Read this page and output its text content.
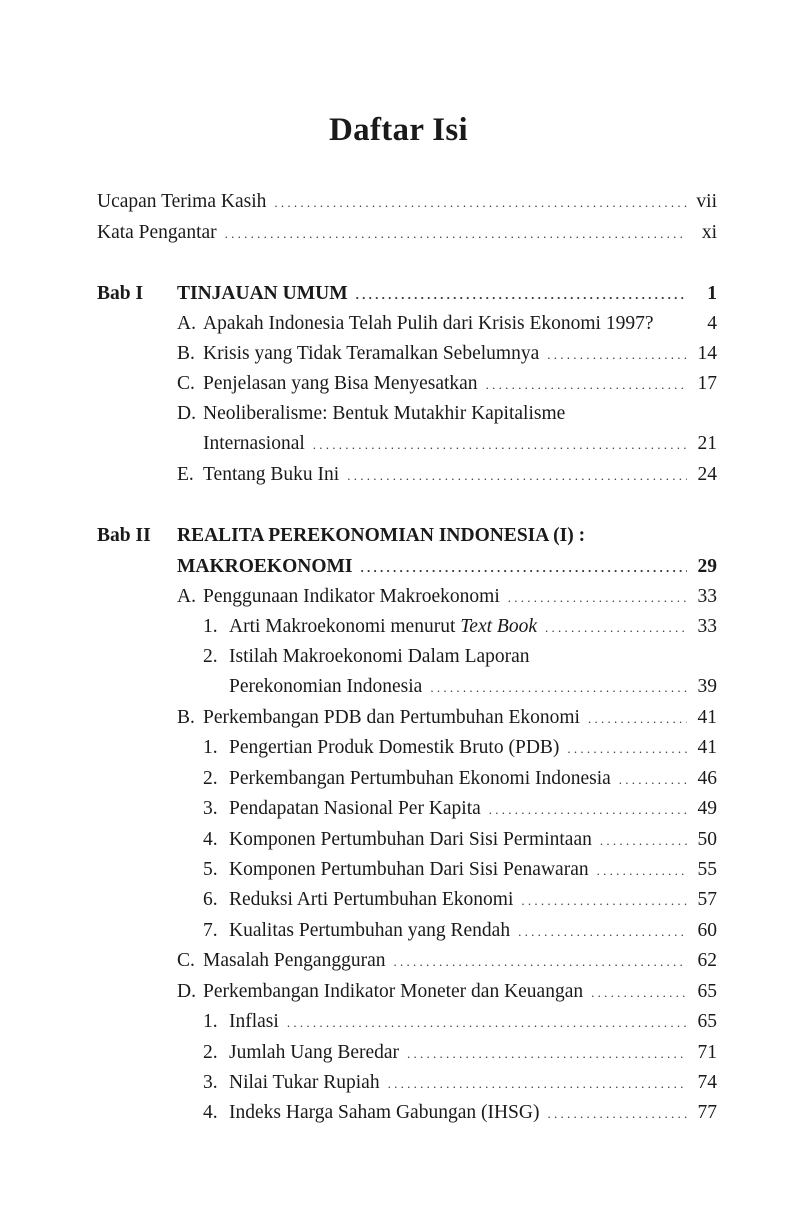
Daftar Isi
Ucapan Terima Kasih . . .	vii
Kata Pengantar . . .	xi
Bab I TINJAUAN UMUM . . .	1
A. Apakah Indonesia Telah Pulih dari Krisis Ekonomi 1997?	4
B. Krisis yang Tidak Teramalkan Sebelumnya . . .	14
C. Penjelasan yang Bisa Menyesatkan . . .	17
D. Neoliberalisme: Bentuk Mutakhir Kapitalisme
Internasional . . .	21
E. Tentang Buku Ini . . .	24
Bab II REALITA PEREKONOMIAN INDONESIA (I) :
MAKROEKONOMI . . .	29
A. Penggunaan Indikator Makroekonomi . . .	33
1. Arti Makroekonomi menurut Text Book . . .	33
2. Istilah Makroekonomi Dalam Laporan
Perekonomian Indonesia . . .	39
B. Perkembangan PDB dan Pertumbuhan Ekonomi . . .	41
1. Pengertian Produk Domestik Bruto (PDB) . . .	41
2. Perkembangan Pertumbuhan Ekonomi Indonesia . . .	46
3. Pendapatan Nasional Per Kapita . . .	49
4. Komponen Pertumbuhan Dari Sisi Permintaan . . .	50
5. Komponen Pertumbuhan Dari Sisi Penawaran . . .	55
6. Reduksi Arti Pertumbuhan Ekonomi . . .	57
7. Kualitas Pertumbuhan yang Rendah . . .	60
C. Masalah Pengangguran . . .	62
D. Perkembangan Indikator Moneter dan Keuangan . . .	65
1. Inflasi . . .	65
2. Jumlah Uang Beredar . . .	71
3. Nilai Tukar Rupiah . . .	74
4. Indeks Harga Saham Gabungan (IHSG) . . .	77
